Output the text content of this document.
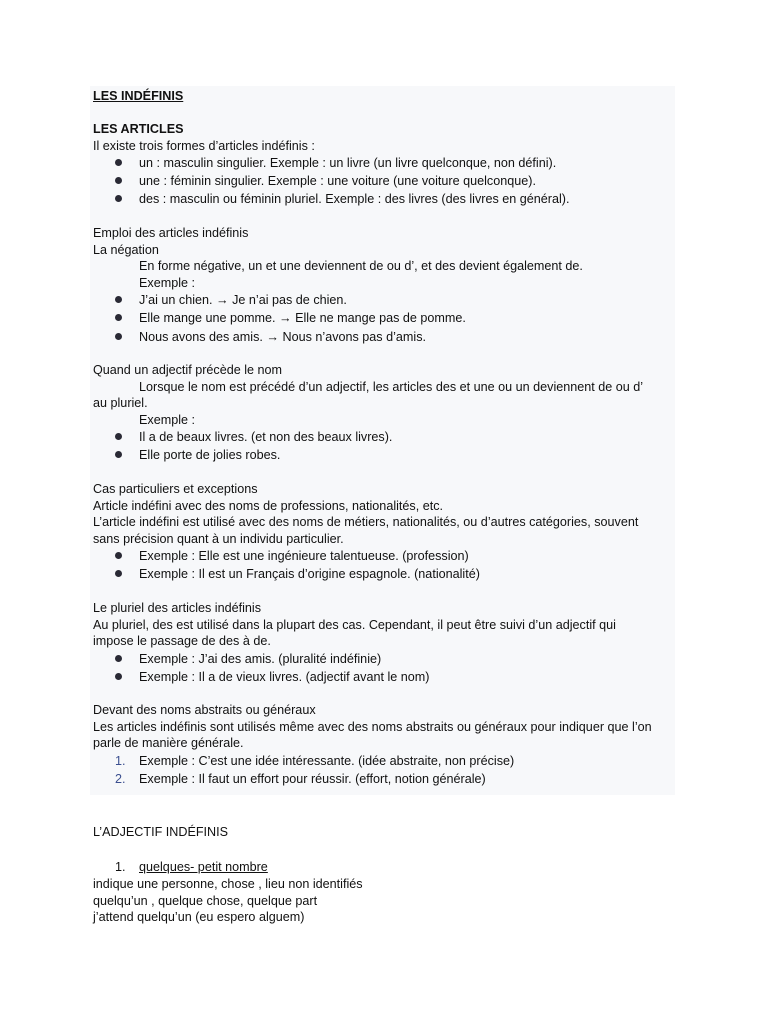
LES INDÉFINIS
LES ARTICLES
Il existe trois formes d’articles indéfinis :
un : masculin singulier. Exemple : un livre (un livre quelconque, non défini).
une : féminin singulier. Exemple : une voiture (une voiture quelconque).
des : masculin ou féminin pluriel. Exemple : des livres (des livres en général).
Emploi des articles indéfinis
La négation
En forme négative, un et une deviennent de ou d’, et des devient également de.
Exemple :
J’ai un chien. → Je n’ai pas de chien.
Elle mange une pomme. → Elle ne mange pas de pomme.
Nous avons des amis. → Nous n’avons pas d’amis.
Quand un adjectif précède le nom
Lorsque le nom est précédé d’un adjectif, les articles des et une ou un deviennent de ou d’
au pluriel.
Exemple :
Il a de beaux livres. (et non des beaux livres).
Elle porte de jolies robes.
Cas particuliers et exceptions
Article indéfini avec des noms de professions, nationalités, etc.
L’article indéfini est utilisé avec des noms de métiers, nationalités, ou d’autres catégories, souvent
sans précision quant à un individu particulier.
Exemple : Elle est une ingénieure talentueuse. (profession)
Exemple : Il est un Français d’origine espagnole. (nationalité)
Le pluriel des articles indéfinis
Au pluriel, des est utilisé dans la plupart des cas. Cependant, il peut être suivi d’un adjectif qui
impose le passage de des à de.
Exemple : J’ai des amis. (pluralité indéfinie)
Exemple : Il a de vieux livres. (adjectif avant le nom)
Devant des noms abstraits ou généraux
Les articles indéfinis sont utilisés même avec des noms abstraits ou généraux pour indiquer que l’on
parle de manière générale.
1. Exemple : C’est une idée intéressante. (idée abstraite, non précise)
2. Exemple : Il faut un effort pour réussir. (effort, notion générale)
L’ADJECTIF INDÉFINIS
1. quelques- petit nombre
indique une personne, chose , lieu non identifiés
quelqu’un , quelque chose, quelque part
j’attend quelqu’un (eu espero alguem)
